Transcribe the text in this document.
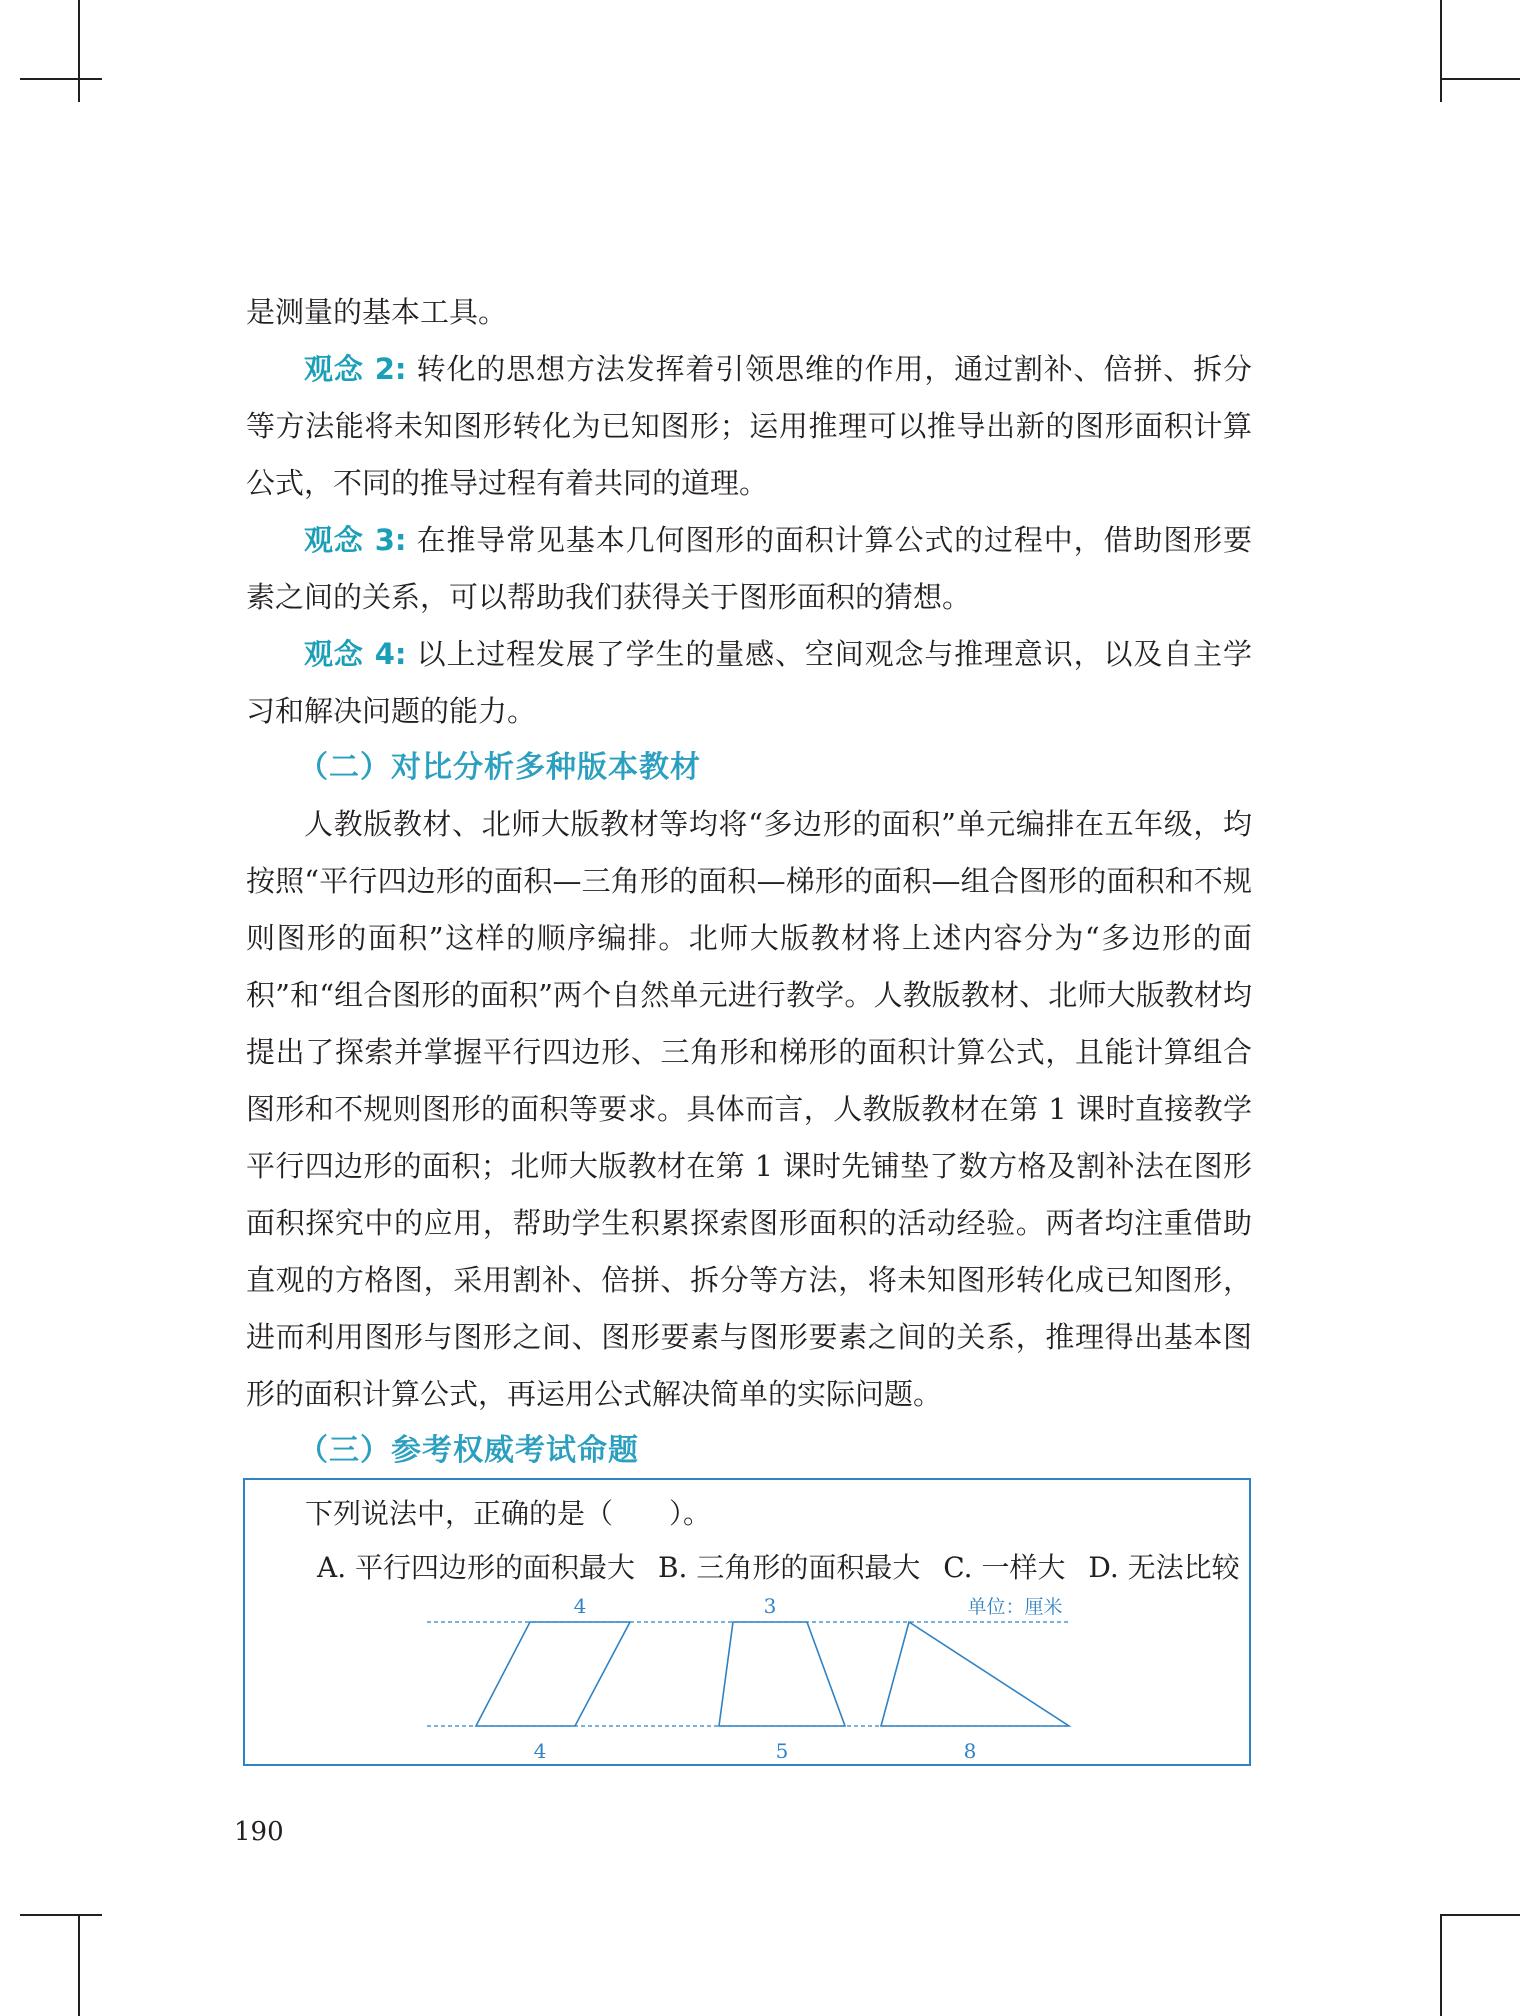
是测量的基本工具。

观念 2: 转化的思想方法发挥着引领思维的作用，通过割补、倍拼、拆分等方法能将未知图形转化为已知图形；运用推理可以推导出新的图形面积计算公式，不同的推导过程有着共同的道理。

观念 3: 在推导常见基本几何图形的面积计算公式的过程中，借助图形要素之间的关系，可以帮助我们获得关于图形面积的猜想。

观念 4: 以上过程发展了学生的量感、空间观念与推理意识，以及自主学习和解决问题的能力。

（二）对比分析多种版本教材

人教版教材、北师大版教材等均将“多边形的面积”单元编排在五年级，均按照“平行四边形的面积—三角形的面积—梯形的面积—组合图形的面积和不规则图形的面积”这样的顺序编排。北师大版教材将上述内容分为“多边形的面积”和“组合图形的面积”两个自然单元进行教学。人教版教材、北师大版教材均提出了探索并掌握平行四边形、三角形和梯形的面积计算公式，且能计算组合图形和不规则图形的面积等要求。具体而言，人教版教材在第 1 课时直接教学平行四边形的面积；北师大版教材在第 1 课时先铺垫了数方格及割补法在图形面积探究中的应用，帮助学生积累探索图形面积的活动经验。两者均注重借助直观的方格图，采用割补、倍拼、拆分等方法，将未知图形转化成已知图形，进而利用图形与图形之间、图形要素与图形要素之间的关系，推理得出基本图形的面积计算公式，再运用公式解决简单的实际问题。

（三）参考权威考试命题
下列说法中，正确的是（　　）。
A. 平行四边形的面积最大 B. 三角形的面积最大 C. 一样大 D. 无法比较
4	3	单位：厘米
4	5	8
190
